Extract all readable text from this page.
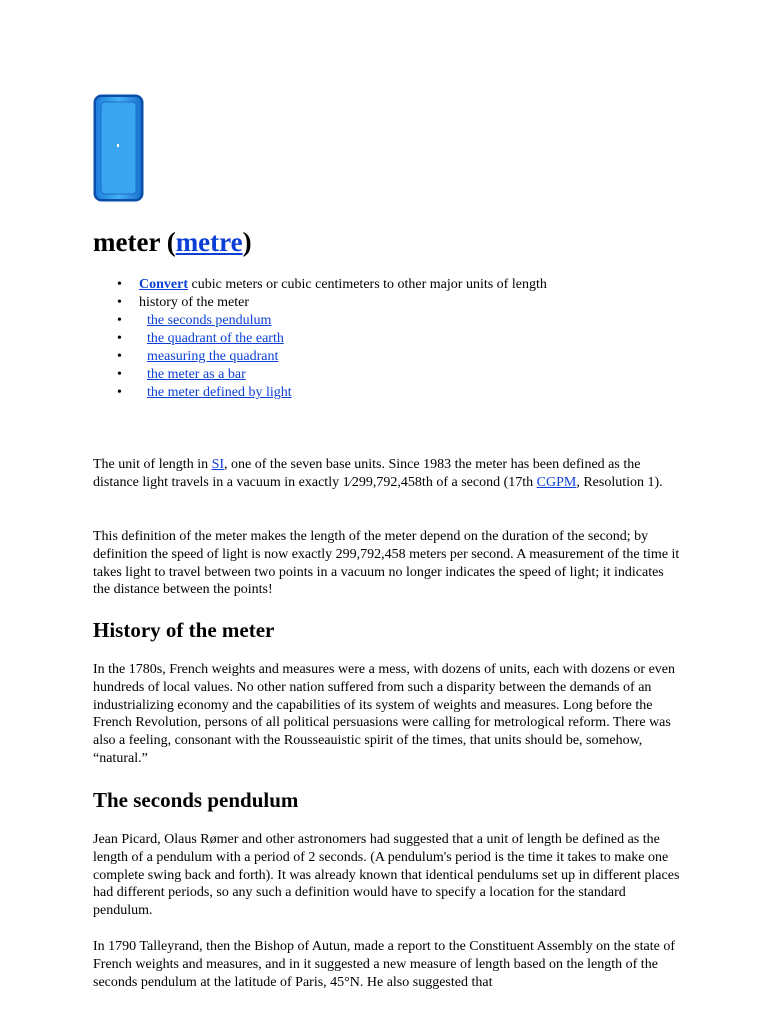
meter (metre)
• Convert cubic meters or cubic centimeters to other major units of length
• history of the meter
• the seconds pendulum
• the quadrant of the earth
• measuring the quadrant
• the meter as a bar
• the meter defined by light

The unit of length in SI, one of the seven base units. Since 1983 the meter has been defined as the distance light travels in a vacuum in exactly 1⁄299,792,458th of a second (17th CGPM, Resolution 1).

This definition of the meter makes the length of the meter depend on the duration of the second; by definition the speed of light is now exactly 299,792,458 meters per second. A measurement of the time it takes light to travel between two points in a vacuum no longer indicates the speed of light; it indicates the distance between the points!

History of the meter

In the 1780s, French weights and measures were a mess, with dozens of units, each with dozens or even hundreds of local values. No other nation suffered from such a disparity between the demands of an industrializing economy and the capabilities of its system of weights and measures. Long before the French Revolution, persons of all political persuasions were calling for metrological reform. There was also a feeling, consonant with the Rousseauistic spirit of the times, that units should be, somehow, “natural.”

The seconds pendulum

Jean Picard, Olaus Rømer and other astronomers had suggested that a unit of length be defined as the length of a pendulum with a period of 2 seconds. (A pendulum's period is the time it takes to make one complete swing back and forth). It was already known that identical pendulums set up in different places had different periods, so any such a definition would have to specify a location for the standard pendulum.

In 1790 Talleyrand, then the Bishop of Autun, made a report to the Constituent Assembly on the state of French weights and measures, and in it suggested a new measure of length based on the length of the seconds pendulum at the latitude of Paris, 45°N. He also suggested that
